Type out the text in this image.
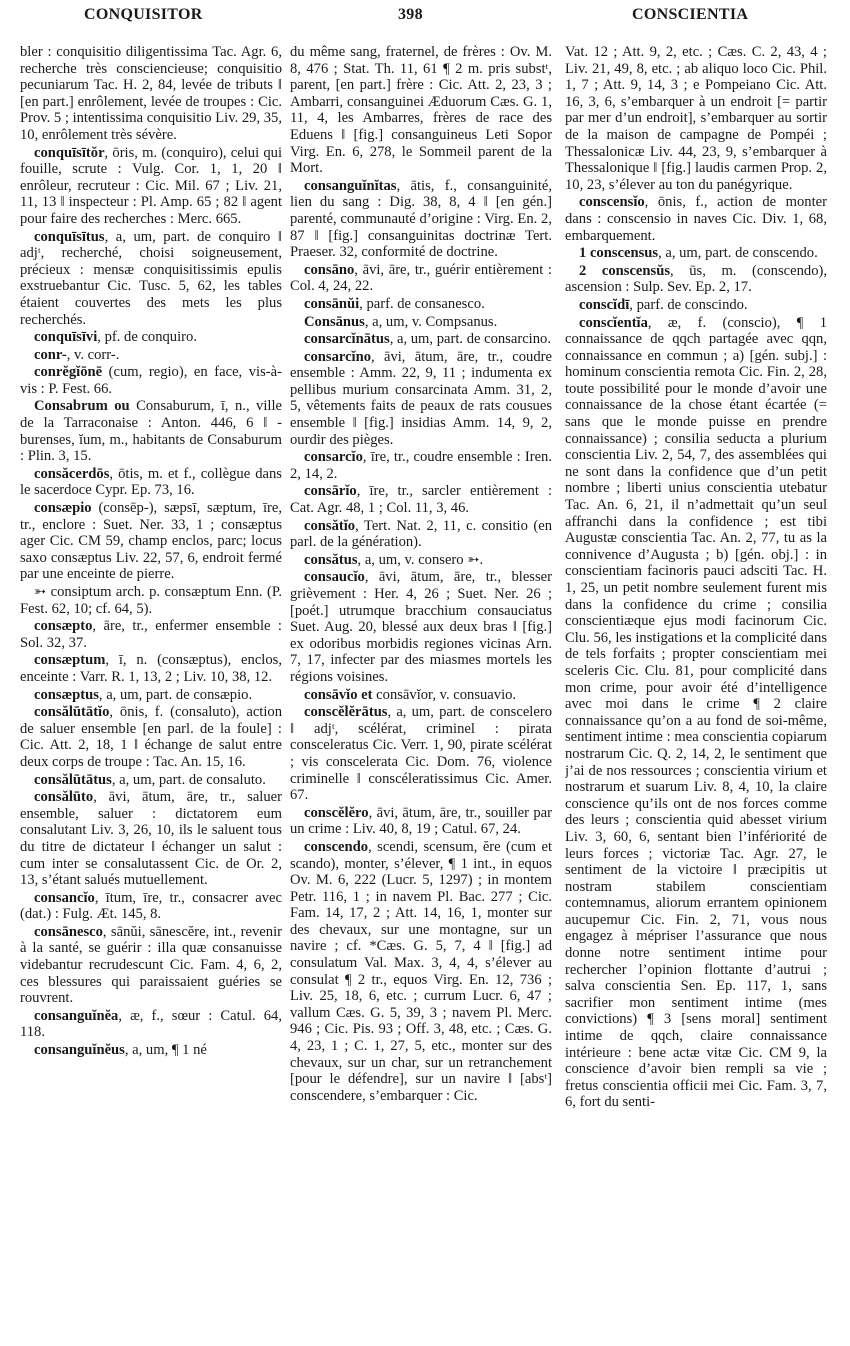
CONQUISITOR	398	CONSCIENTIA

bler : conquisitio diligentissima Tac. Agr. 6, recherche très consciencieuse; conquisitio pecuniarum Tac. H. 2, 84, levée de tributs ‖ [en part.] enrôlement, levée de troupes : Cic. Prov. 5 ; intentissima conquisitio Liv. 29, 35, 10, enrôlement très sévère.

conquīsītŏr, ōris, m. (conquiro), celui qui fouille, scrute : Vulg. Cor. 1, 1, 20 ‖ enrôleur, recruteur : Cic. Mil. 67 ; Liv. 21, 11, 13 ‖ inspecteur : Pl. Amp. 65 ; 82 ‖ agent pour faire des recherches : Merc. 665.

conquīsītus, a, um, part. de conquiro ‖ adjᵗ, recherché, choisi soigneusement, précieux : mensæ conquisitissimis epulis exstruebantur Cic. Tusc. 5, 62, les tables étaient couvertes des mets les plus recherchés.

conquīsīvi, pf. de conquiro.

conr-, v. corr-.

conrĕgĭōnē (cum, regio), en face, vis-à-vis : P. Fest. 66.

Consabrum ou Consaburum, ī, n., ville de la Tarraconaise : Anton. 446, 6 ‖ -burenses, ĭum, m., habitants de Consaburum : Plin. 3, 15.

consăcerdōs, ōtis, m. et f., collègue dans le sacerdoce Cypr. Ep. 73, 16.

consæpio (consēp-), sæpsī, sæptum, īre, tr., enclore : Suet. Ner. 33, 1 ; consæptus ager Cic. CM 59, champ enclos, parc; locus saxo consæptus Liv. 22, 57, 6, endroit fermé par une enceinte de pierre.

➳ consiptum arch. p. consæptum Enn. (P. Fest. 62, 10; cf. 64, 5).

consæpto, āre, tr., enfermer ensemble : Sol. 32, 37.

consæptum, ī, n. (consæptus), enclos, enceinte : Varr. R. 1, 13, 2 ; Liv. 10, 38, 12.

consæptus, a, um, part. de consæpio.

consălūtātĭo, ōnis, f. (consaluto), action de saluer ensemble [en parl. de la foule] : Cic. Att. 2, 18, 1 ‖ échange de salut entre deux corps de troupe : Tac. An. 15, 16.

consălūtātus, a, um, part. de consaluto.

consălūto, āvi, ātum, āre, tr., saluer ensemble, saluer : dictatorem eum consalutant Liv. 3, 26, 10, ils le saluent tous du titre de dictateur ‖ échanger un salut : cum inter se consalutassent Cic. de Or. 2, 13, s’étant salués mutuellement.

consancĭo, ītum, īre, tr., consacrer avec (dat.) : Fulg. Æt. 145, 8.

consānesco, sānŭi, sānescĕre, int., revenir à la santé, se guérir : illa quæ consanuisse videbantur recrudescunt Cic. Fam. 4, 6, 2, ces blessures qui paraissaient guéries se rouvrent.

consanguĭnĕa, æ, f., sœur : Catul. 64, 118.

consanguĭnĕus, a, um, ¶ 1 né

du même sang, fraternel, de frères : Ov. M. 8, 476 ; Stat. Th. 11, 61 ¶ 2 m. pris substᵗ, parent, [en part.] frère : Cic. Att. 2, 23, 3 ; Ambarri, consanguinei Æduorum Cæs. G. 1, 11, 4, les Ambarres, frères de race des Eduens ‖ [fig.] consanguineus Leti Sopor Virg. En. 6, 278, le Sommeil parent de la Mort.

consanguĭnĭtas, ātis, f., consanguinité, lien du sang : Dig. 38, 8, 4 ‖ [en gén.] parenté, communauté d’origine : Virg. En. 2, 87 ‖ [fig.] consanguinitas doctrinæ Tert. Praeser. 32, conformité de doctrine.

consāno, āvi, āre, tr., guérir entièrement : Col. 4, 24, 22.

consānŭi, parf. de consanesco.

Consānus, a, um, v. Compsanus.

consarcĭnātus, a, um, part. de consarcino.

consarcĭno, āvi, ātum, āre, tr., coudre ensemble : Amm. 22, 9, 11 ; indumenta ex pellibus murium consarcinata Amm. 31, 2, 5, vêtements faits de peaux de rats cousues ensemble ‖ [fig.] insidias Amm. 14, 9, 2, ourdir des pièges.

consarcĭo, īre, tr., coudre ensemble : Iren. 2, 14, 2.

consārĭo, īre, tr., sarcler entièrement : Cat. Agr. 48, 1 ; Col. 11, 3, 46.

consătĭo, Tert. Nat. 2, 11, c. consitio (en parl. de la génération).

consătus, a, um, v. consero ➳.

consaucĭo, āvi, ātum, āre, tr., blesser grièvement : Her. 4, 26 ; Suet. Ner. 26 ; [poét.] utrumque bracchium consauciatus Suet. Aug. 20, blessé aux deux bras ‖ [fig.] ex odoribus morbidis regiones vicinas Arn. 7, 17, infecter par des miasmes mortels les régions voisines.

consāvĭo et consāvĭor, v. consuavio.

conscĕlĕrātus, a, um, part. de conscelero ‖ adjᵗ, scélérat, criminel : pirata consceleratus Cic. Verr. 1, 90, pirate scélérat ; vis consceleratа Cic. Dom. 76, violence criminelle ‖ conscéleratissimus Cic. Amer. 67.

conscĕlĕro, āvi, ātum, āre, tr., souiller par un crime : Liv. 40, 8, 19 ; Catul. 67, 24.

conscendo, scendi, scensum, ĕre (cum et scando), monter, s’élever, ¶ 1 int., in equos Ov. M. 6, 222 (Lucr. 5, 1297) ; in montem Petr. 116, 1 ; in navem Pl. Bac. 277 ; Cic. Fam. 14, 17, 2 ; Att. 14, 16, 1, monter sur des chevaux, sur une montagne, sur un navire ; cf. *Cæs. G. 5, 7, 4 ‖ [fig.] ad consulatum Val. Max. 3, 4, 4, s’élever au consulat ¶ 2 tr., equos Virg. En. 12, 736 ; Liv. 25, 18, 6, etc. ; currum Lucr. 6, 47 ; vallum Cæs. G. 5, 39, 3 ; navem Pl. Merc. 946 ; Cic. Pis. 93 ; Off. 3, 48, etc. ; Cæs. G. 4, 23, 1 ; C. 1, 27, 5, etc., monter sur des chevaux, sur un char, sur un retranchement [pour le défendre], sur un navire ‖ [absᵗ] conscendere, s’embarquer : Cic.

Vat. 12 ; Att. 9, 2, etc. ; Cæs. C. 2, 43, 4 ; Liv. 21, 49, 8, etc. ; ab aliquo loco Cic. Phil. 1, 7 ; Att. 9, 14, 3 ; e Pompeiano Cic. Att. 16, 3, 6, s’embarquer à un endroit [= partir par mer d’un endroit], s’embarquer au sortir de la maison de campagne de Pompéi ; Thessalonicæ Liv. 44, 23, 9, s’embarquer à Thessalonique ‖ [fig.] laudis carmen Prop. 2, 10, 23, s’élever au ton du panégyrique.

conscensĭo, ōnis, f., action de monter dans : conscensio in naves Cic. Div. 1, 68, embarquement.

1 conscensus, a, um, part. de conscendo.

2 conscensŭs, ūs, m. (conscendo), ascension : Sulp. Sev. Ep. 2, 17.

conscĭdī, parf. de conscindo.

conscĭentĭa, æ, f. (conscio), ¶ 1 connaissance de qqch partagée avec qqn, connaissance en commun ; a) [gén. subj.] : hominum conscientia remota Cic. Fin. 2, 28, toute possibilité pour le monde d’avoir une connaissance de la chose étant écartée (= sans que le monde puisse en prendre connaissance) ; consilia seducta a plurium conscientia Liv. 2, 54, 7, des assemblées qui ne sont dans la confidence que d’un petit nombre ; liberti unius conscientia utebatur Tac. An. 6, 21, il n’admettait qu’un seul affranchi dans la confidence ; est tibi Augustæ conscientia Tac. An. 2, 77, tu as la connivence d’Augusta ; b) [gén. obj.] : in conscientiam facinoris pauci adsciti Tac. H. 1, 25, un petit nombre seulement furent mis dans la confidence du crime ; consilia conscientiæque ejus modi facinorum Cic. Clu. 56, les instigations et la complicité dans de tels forfaits ; propter conscientiam mei sceleris Cic. Clu. 81, pour complicité dans mon crime, pour avoir été d’intelligence avec moi dans le crime ¶ 2 claire connaissance qu’on a au fond de soi-même, sentiment intime : mea conscientia copiarum nostrarum Cic. Q. 2, 14, 2, le sentiment que j’ai de nos ressources ; conscientia virium et nostrarum et suarum Liv. 8, 4, 10, la claire conscience qu’ils ont de nos forces comme des leurs ; conscientia quid abesset virium Liv. 3, 60, 6, sentant bien l’infériorité de leurs forces ; victoriæ Tac. Agr. 27, le sentiment de la victoire ‖ præcipitis ut nostram stabilem conscientiam contemnamus, aliorum errantem opinionem aucupemur Cic. Fin. 2, 71, vous nous engagez à mépriser l’assurance que nous donne notre sentiment intime pour rechercher l’opinion flottante d’autrui ; salva conscientia Sen. Ep. 117, 1, sans sacrifier mon sentiment intime (mes convictions) ¶ 3 [sens moral] sentiment intime de qqch, claire connaissance intérieure : bene actæ vitæ Cic. CM 9, la conscience d’avoir bien rempli sa vie ; fretus conscientia officii mei Cic. Fam. 3, 7, 6, fort du senti-
